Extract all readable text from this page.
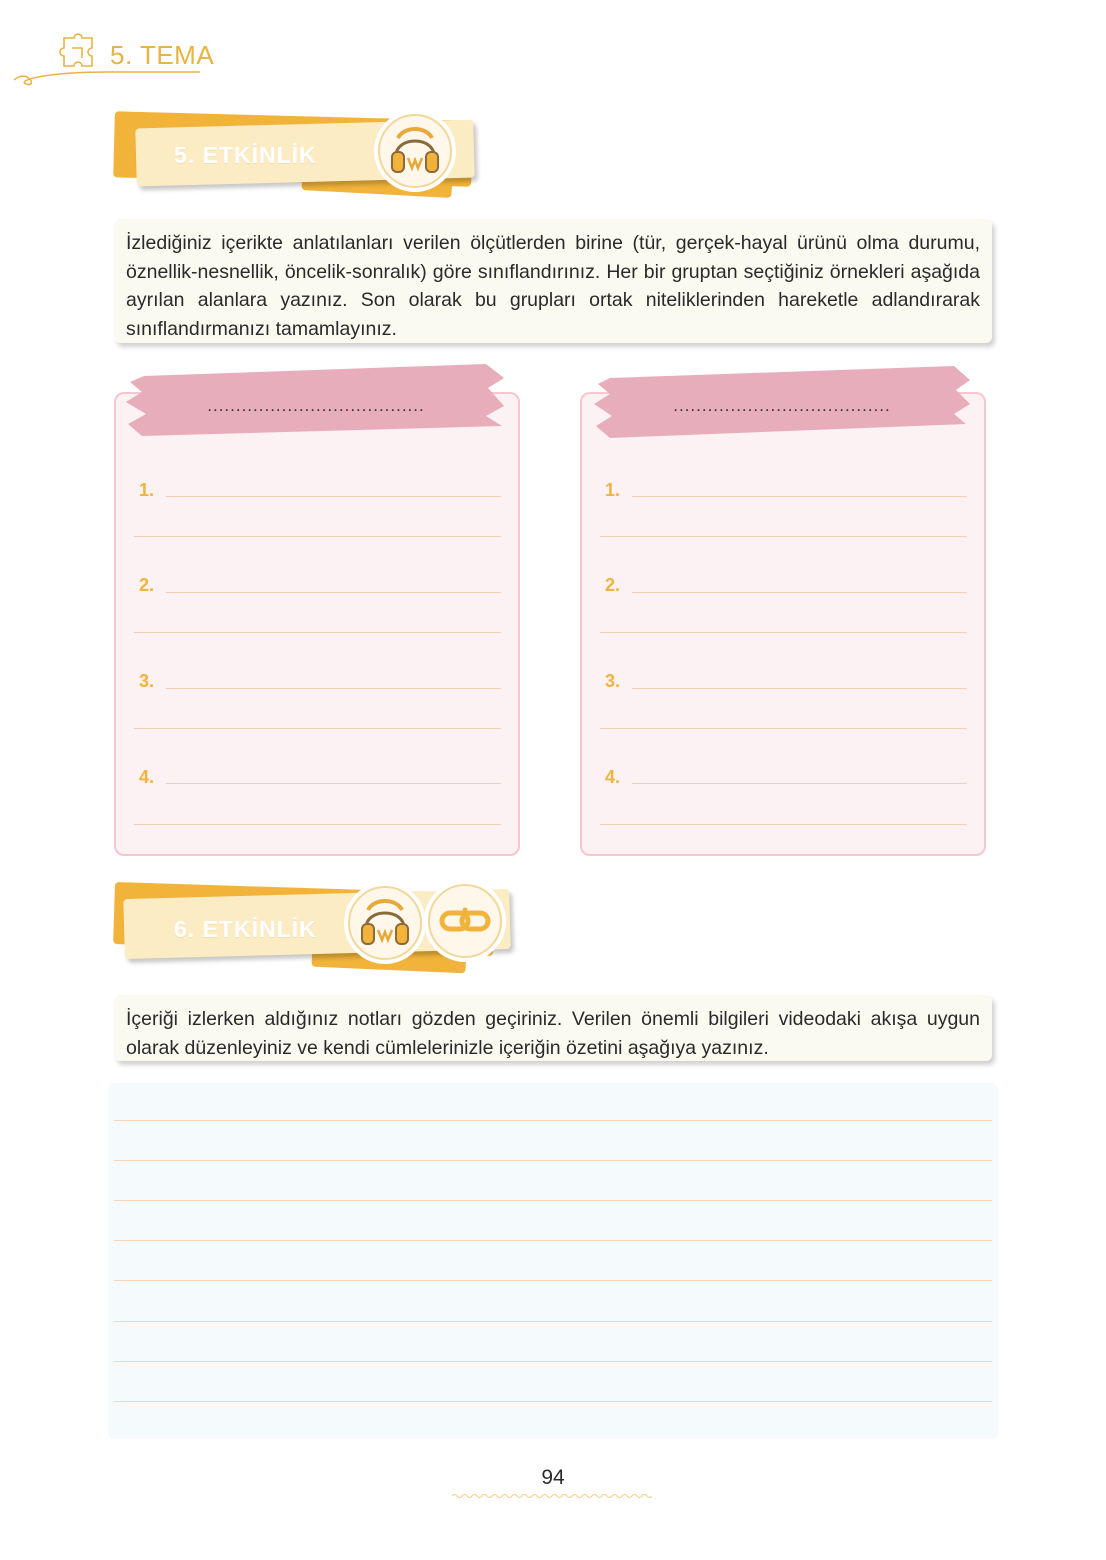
5. TEMA
5. ETKİNLİK
İzlediğiniz içerikte anlatılanları verilen ölçütlerden birine (tür, gerçek-hayal ürünü olma durumu, öznellik-nesnellik, öncelik-sonralık) göre sınıflandırınız. Her bir gruptan seçtiğiniz örnekleri aşağıda ayrılan alanlara yazınız. Son olarak bu grupları ortak niteliklerinden hareketle adlandırarak sınıflandırmanızı tamamlayınız.
......................................
1.
2.
3.
4.
......................................
1.
2.
3.
4.
6. ETKİNLİK
İçeriği izlerken aldığınız notları gözden geçiriniz. Verilen önemli bilgileri videodaki akışa uygun olarak düzenleyiniz ve kendi cümlelerinizle içeriğin özetini aşağıya yazınız.
94
